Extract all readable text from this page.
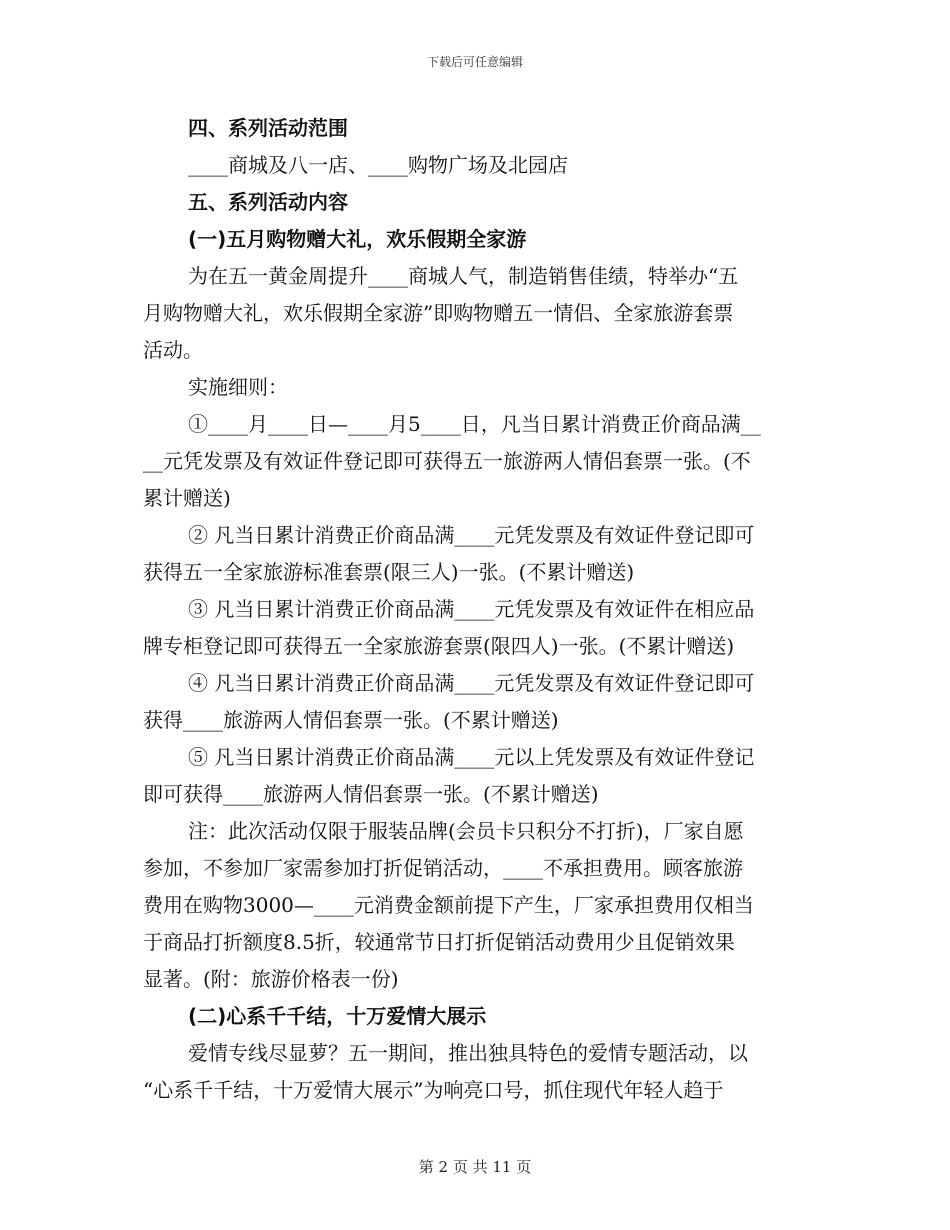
下载后可任意编辑
四、系列活动范围
____商城及八一店、____购物广场及北园店
五、系列活动内容
(一)五月购物赠大礼，欢乐假期全家游
为在五一黄金周提升____商城人气，制造销售佳绩，特举办“五
月购物赠大礼，欢乐假期全家游”即购物赠五一情侣、全家旅游套票
活动。
实施细则：
①____月____日—____月5____日，凡当日累计消费正价商品满__
__元凭发票及有效证件登记即可获得五一旅游两人情侣套票一张。(不
累计赠送)
② 凡当日累计消费正价商品满____元凭发票及有效证件登记即可
获得五一全家旅游标准套票(限三人)一张。(不累计赠送)
③ 凡当日累计消费正价商品满____元凭发票及有效证件在相应品
牌专柜登记即可获得五一全家旅游套票(限四人)一张。(不累计赠送)
④ 凡当日累计消费正价商品满____元凭发票及有效证件登记即可
获得____旅游两人情侣套票一张。(不累计赠送)
⑤ 凡当日累计消费正价商品满____元以上凭发票及有效证件登记
即可获得____旅游两人情侣套票一张。(不累计赠送)
注：此次活动仅限于服装品牌(会员卡只积分不打折)，厂家自愿
参加，不参加厂家需参加打折促销活动，____不承担费用。顾客旅游
费用在购物3000—____元消费金额前提下产生，厂家承担费用仅相当
于商品打折额度8.5折，较通常节日打折促销活动费用少且促销效果
显著。(附：旅游价格表一份)
(二)心系千千结，十万爱情大展示
爱情专线尽显萝？五一期间，推出独具特色的爱情专题活动，以
“心系千千结，十万爱情大展示”为响亮口号，抓住现代年轻人趋于
第 2 页 共 11 页
